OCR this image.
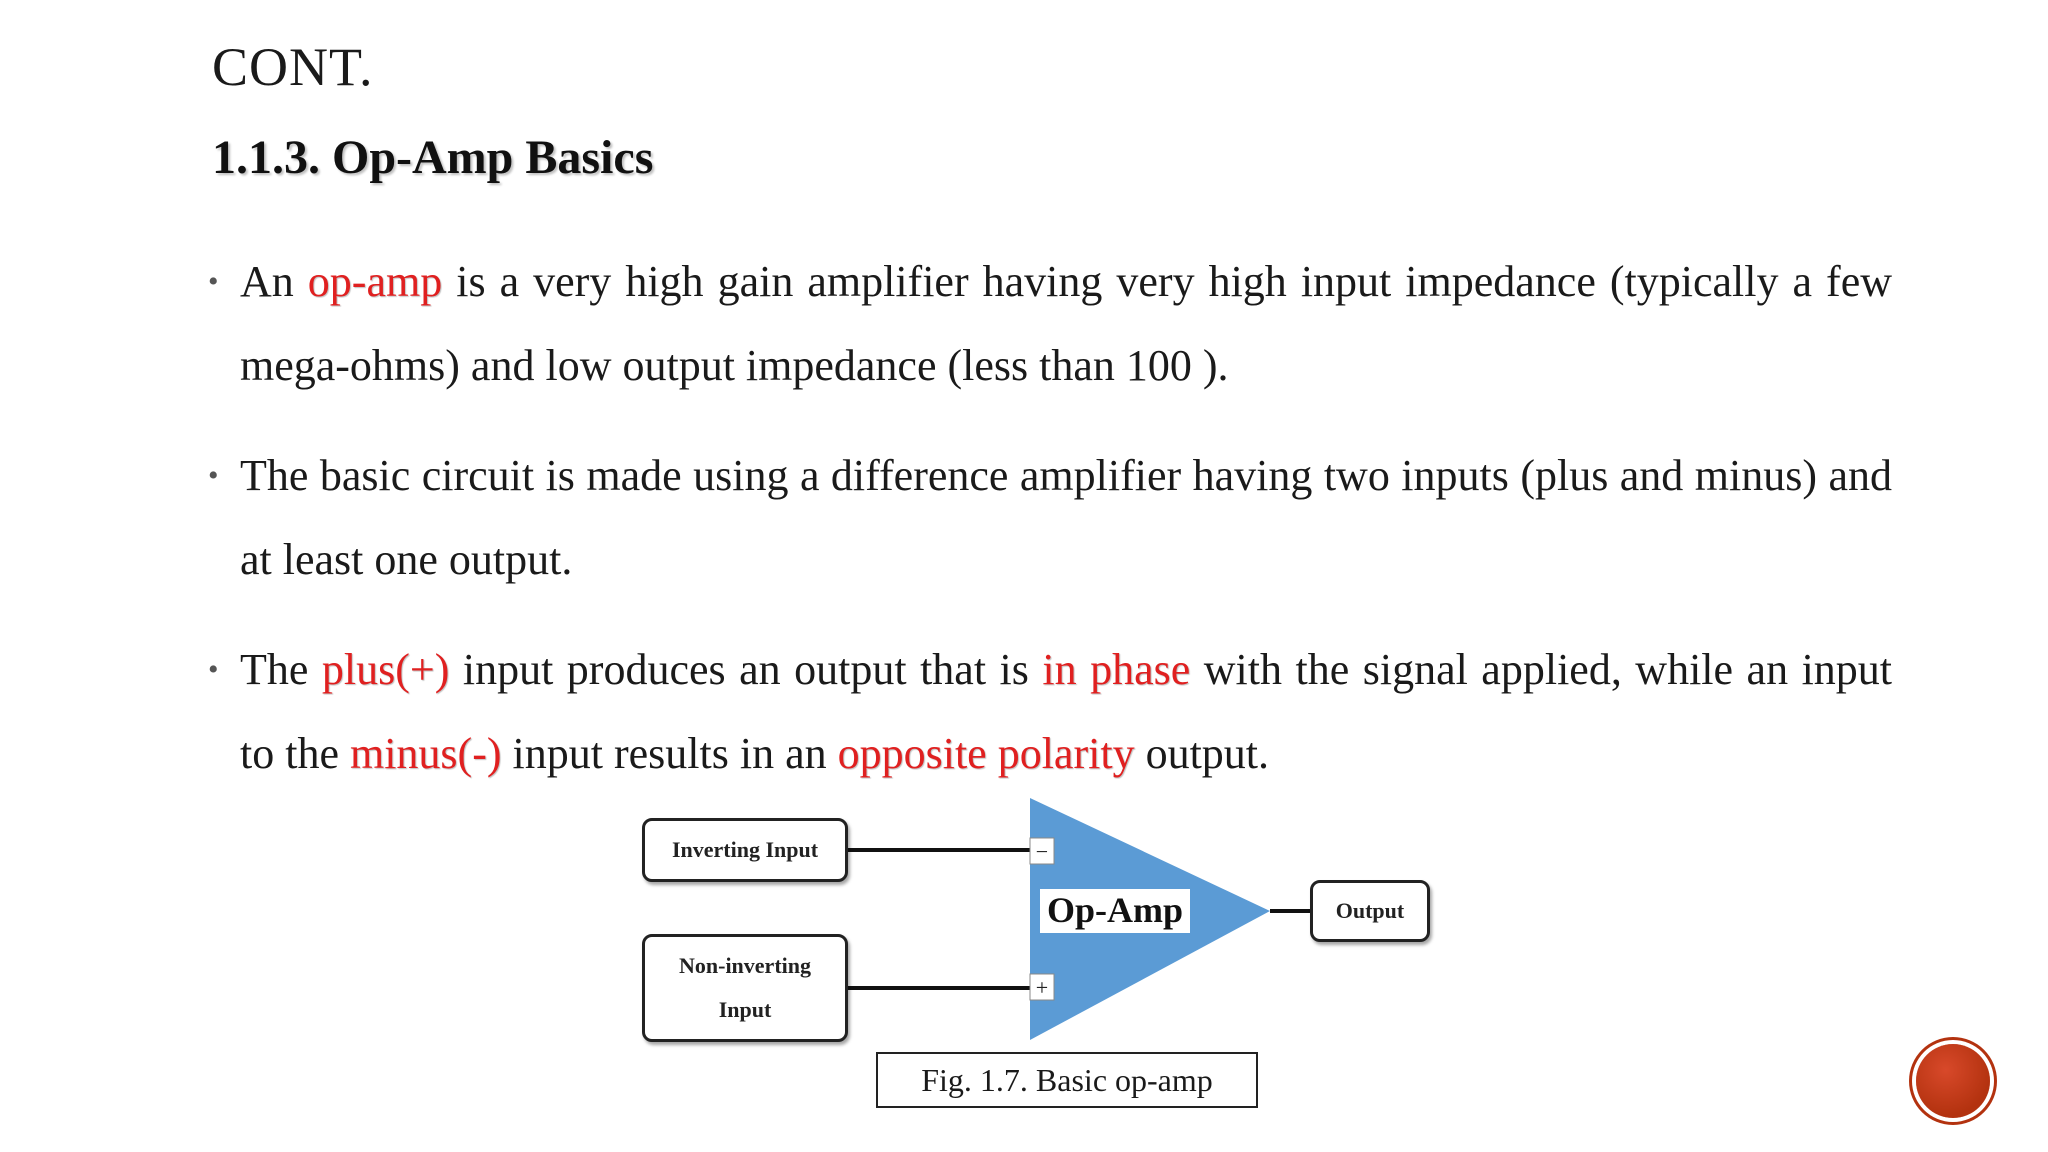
CONT.
1.1.3. Op-Amp Basics
• An op-amp is a very high gain amplifier having very high input impedance (typically a few mega-ohms) and low output impedance (less than 100 ).
• The basic circuit is made using a difference amplifier having two inputs (plus and minus) and at least one output.
• The plus(+) input produces an output that is in phase with the signal applied, while an input to the minus(-) input results in an opposite polarity output.
−
+
Op-Amp
Inverting Input
Non-inverting
Input
Output
Fig. 1.7. Basic op-amp
